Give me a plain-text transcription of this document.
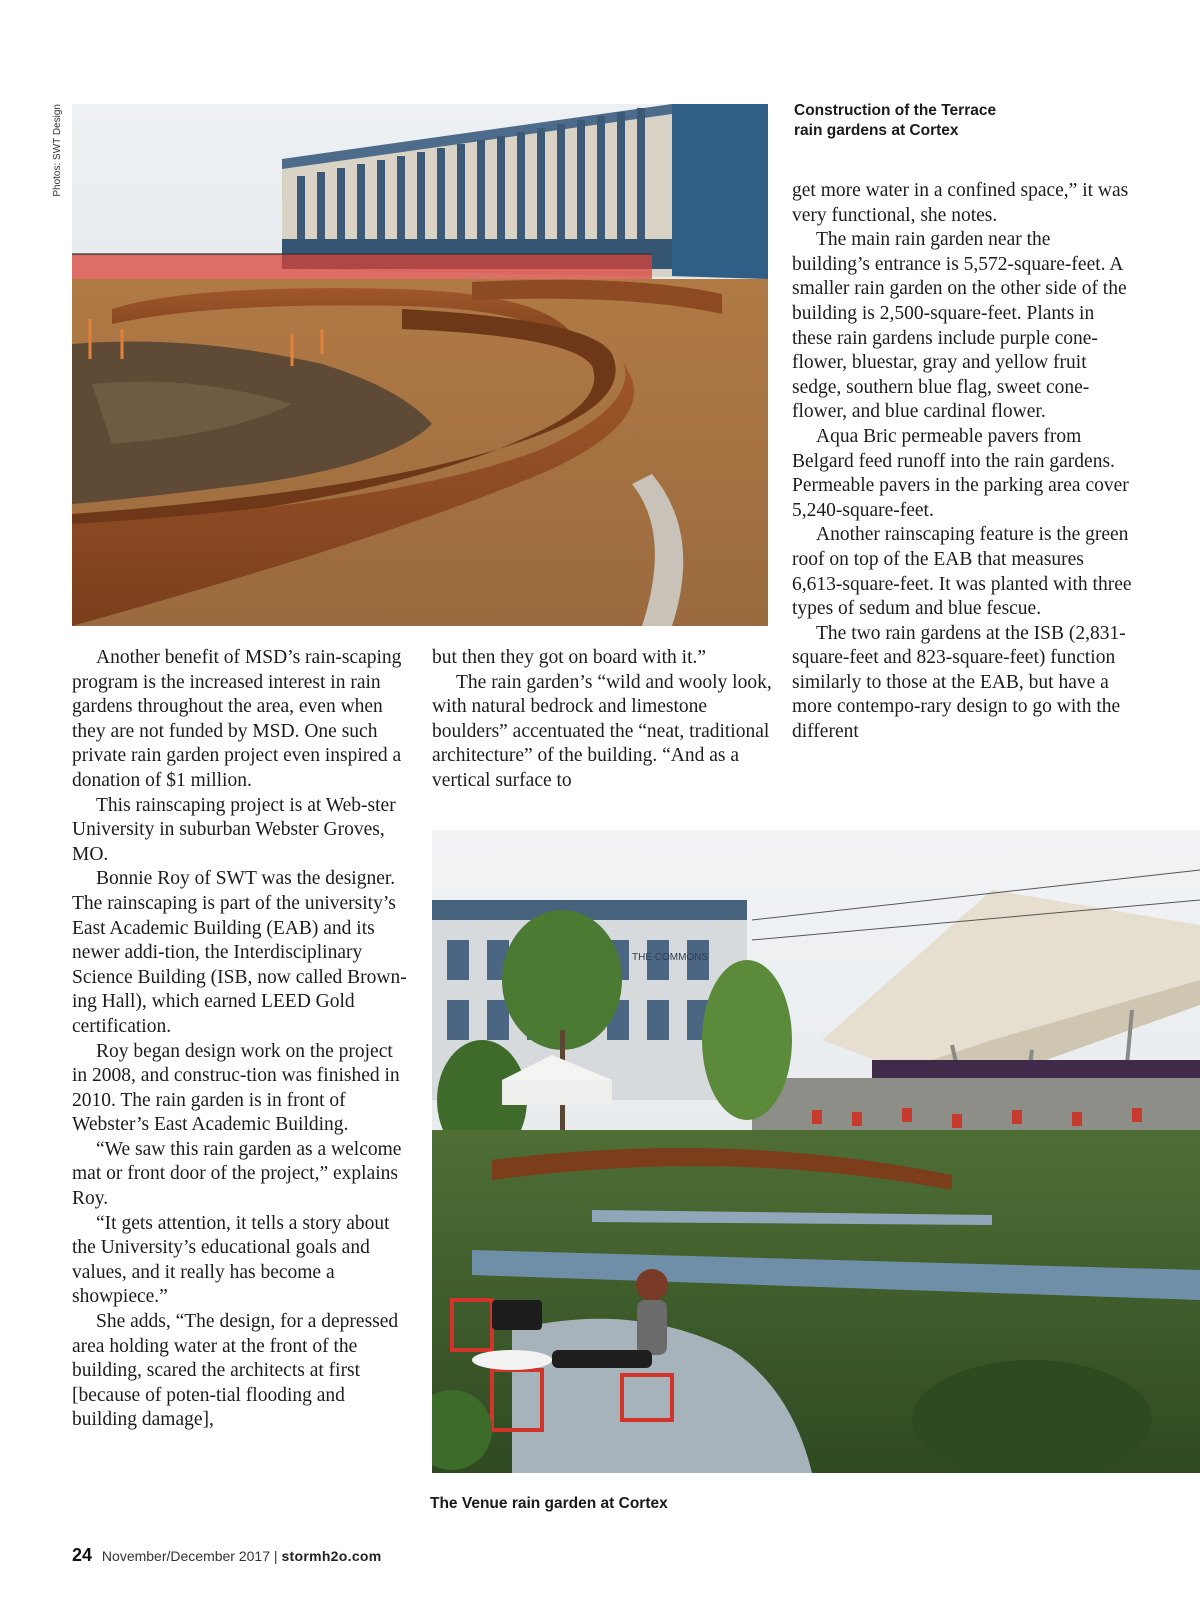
Photos: SWT Design	Construction of the Terrace rain gardens at Cortex

Another benefit of MSD’s rain-scaping program is the increased interest in rain gardens throughout the area, even when they are not funded by MSD. One such private rain garden project even inspired a donation of $1 million.

This rainscaping project is at Web-ster University in suburban Webster Groves, MO.

Bonnie Roy of SWT was the designer. The rainscaping is part of the university’s East Academic Building (EAB) and its newer addi-tion, the Interdisciplinary Science Building (ISB, now called Brown-ing Hall), which earned LEED Gold certification.

Roy began design work on the project in 2008, and construc-tion was finished in 2010. The rain garden is in front of Webster’s East Academic Building.

“We saw this rain garden as a welcome mat or front door of the project,” explains Roy.

“It gets attention, it tells a story about the University’s educational goals and values, and it really has become a showpiece.”

She adds, “The design, for a depressed area holding water at the front of the building, scared the architects at first [because of poten-tial flooding and building damage],

but then they got on board with it.”

The rain garden’s “wild and wooly look, with natural bedrock and limestone boulders” accentuated the “neat, traditional architecture” of the building. “And as a vertical surface to

get more water in a confined space,” it was very functional, she notes.

The main rain garden near the building’s entrance is 5,572-square-feet. A smaller rain garden on the other side of the building is 2,500-square-feet. Plants in these rain gardens include purple cone-flower, bluestar, gray and yellow fruit sedge, southern blue flag, sweet cone-flower, and blue cardinal flower.

Aqua Bric permeable pavers from Belgard feed runoff into the rain gardens. Permeable pavers in the parking area cover 5,240-square-feet.

Another rainscaping feature is the green roof on top of the EAB that measures 6,613-square-feet. It was planted with three types of sedum and blue fescue.

The two rain gardens at the ISB (2,831-square-feet and 823-square-feet) function similarly to those at the EAB, but have a more contempo-rary design to go with the different

THE COMMONS
The Venue rain garden at Cortex
24 November/December 2017 | stormh2o.com
